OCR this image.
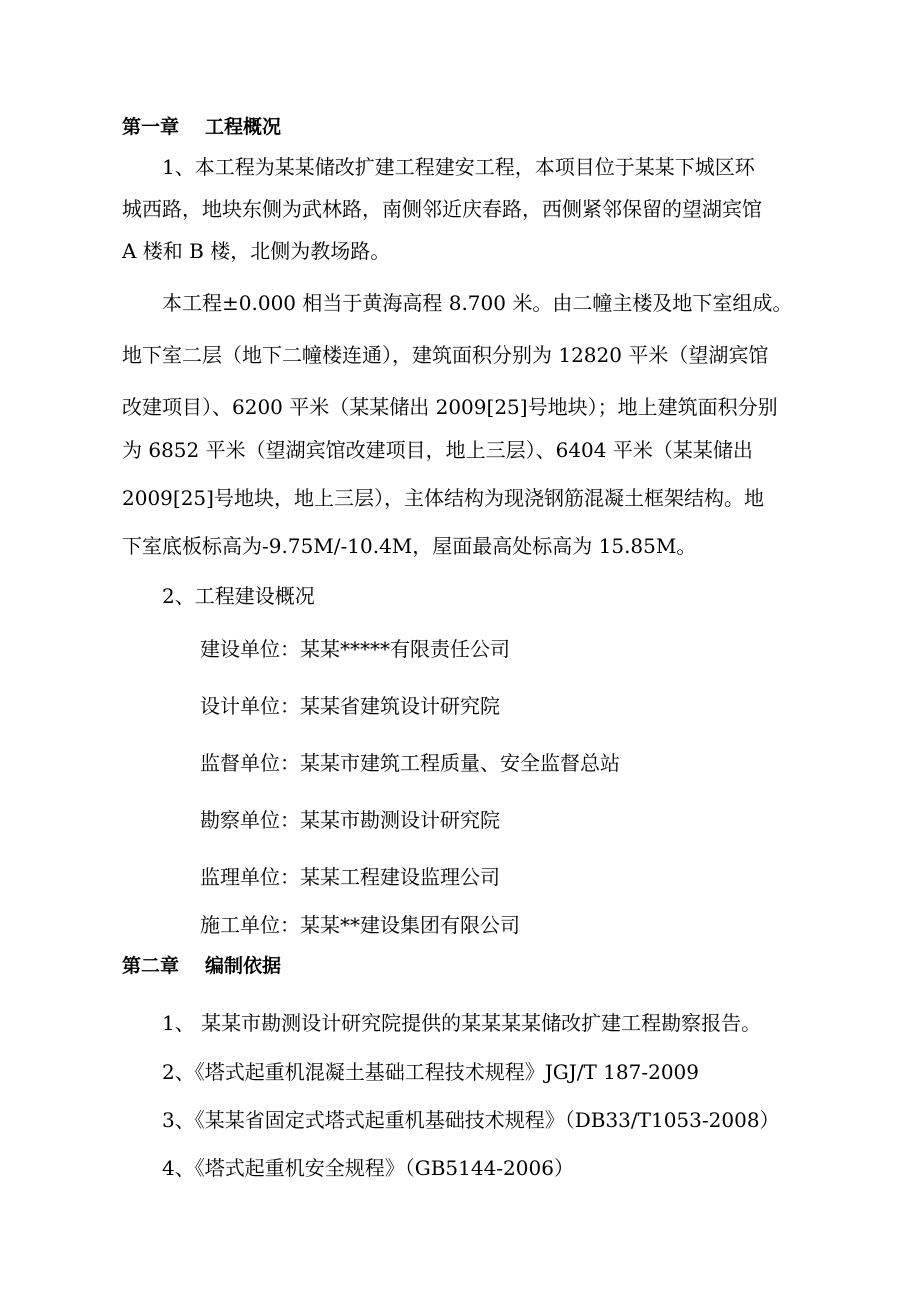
第一章 工程概况
1、本工程为某某储改扩建工程建安工程，本项目位于某某下城区环
城西路，地块东侧为武林路，南侧邻近庆春路，西侧紧邻保留的望湖宾馆
A 楼和 B 楼，北侧为教场路。
本工程±0.000 相当于黄海高程 8.700 米。由二幢主楼及地下室组成。
地下室二层（地下二幢楼连通），建筑面积分别为 12820 平米（望湖宾馆
改建项目）、6200 平米（某某储出 2009[25]号地块）；地上建筑面积分别
为 6852 平米（望湖宾馆改建项目，地上三层）、6404 平米（某某储出
2009[25]号地块，地上三层），主体结构为现浇钢筋混凝土框架结构。地
下室底板标高为-9.75M/-10.4M，屋面最高处标高为 15.85M。
2、工程建设概况
建设单位：某某*****有限责任公司
设计单位：某某省建筑设计研究院
监督单位：某某市建筑工程质量、安全监督总站
勘察单位：某某市勘测设计研究院
监理单位：某某工程建设监理公司
施工单位：某某**建设集团有限公司
第二章 编制依据
1、 某某市勘测设计研究院提供的某某某某储改扩建工程勘察报告。
2、《塔式起重机混凝土基础工程技术规程》JGJ/T 187-2009
3、《某某省固定式塔式起重机基础技术规程》（DB33/T1053-2008）
4、《塔式起重机安全规程》（GB5144-2006）
